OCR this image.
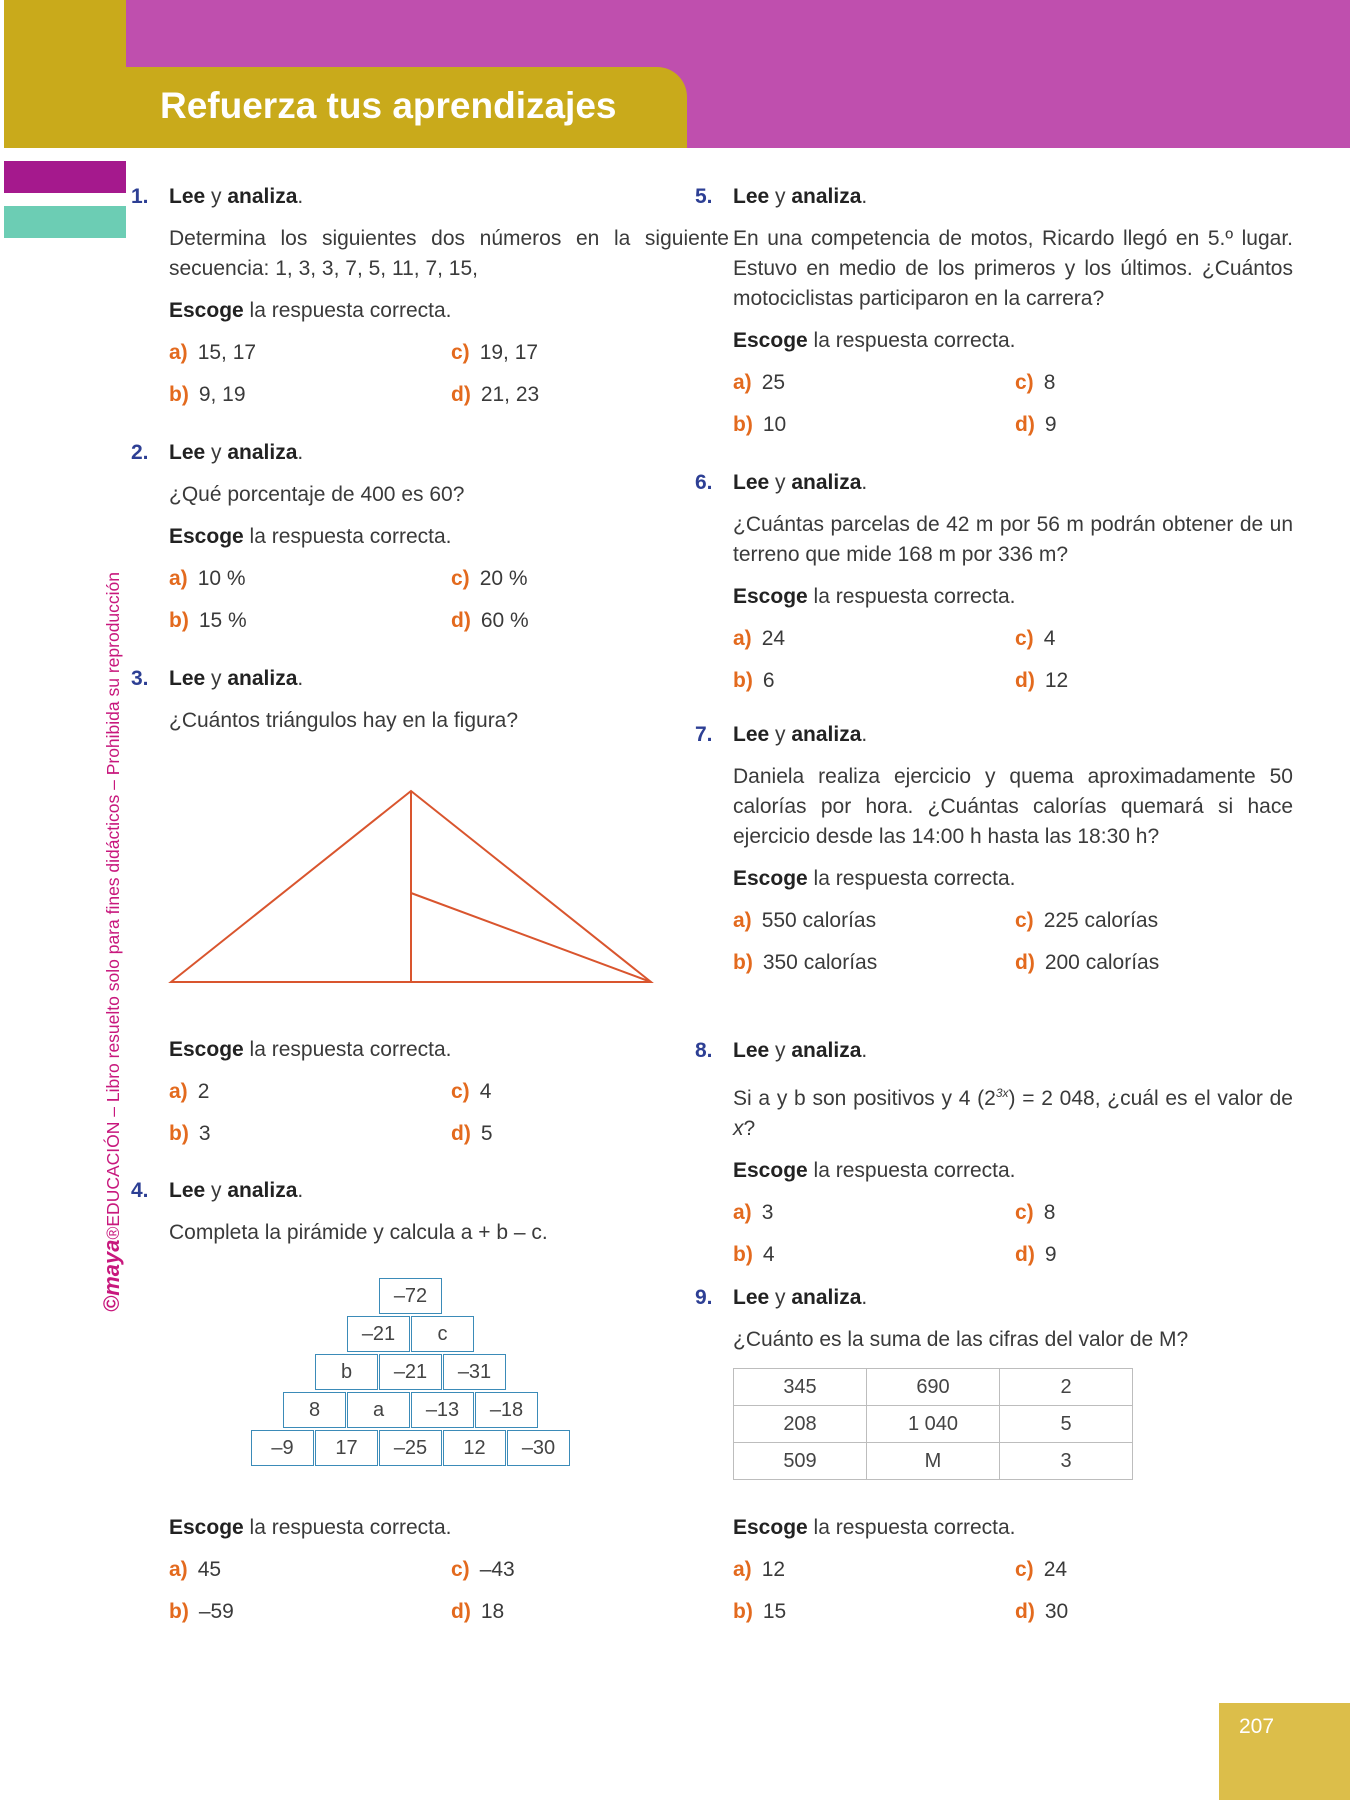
Refuerza tus aprendizajes
©maya®EDUCACIÓN – Libro resuelto solo para fines didácticos – Prohibida su reproducción
1. Lee y analiza.
Determina los siguientes dos números en la siguiente secuencia: 1, 3, 3, 7, 5, 11, 7, 15,
Escoge la respuesta correcta.
a) 15, 17	c) 19, 17
b) 9, 19	d) 21, 23
2. Lee y analiza.
¿Qué porcentaje de 400 es 60?
Escoge la respuesta correcta.
a) 10 %	c) 20 %
b) 15 %	d) 60 %
3. Lee y analiza.
¿Cuántos triángulos hay en la figura?
Escoge la respuesta correcta.
a) 2	c) 4
b) 3	d) 5
4. Lee y analiza.
Completa la pirámide y calcula a + b – c.
–72
–21	c
b	–21	–31
8	a	–13	–18
–9	17	–25	12	–30
Escoge la respuesta correcta.
a) 45	c) –43
b) –59	d) 18
5. Lee y analiza.
En una competencia de motos, Ricardo llegó en 5.º lugar. Estuvo en medio de los primeros y los últimos. ¿Cuántos motociclistas participaron en la carrera?
Escoge la respuesta correcta.
a) 25	c) 8
b) 10	d) 9
6. Lee y analiza.
¿Cuántas parcelas de 42 m por 56 m podrán obtener de un terreno que mide 168 m por 336 m?
Escoge la respuesta correcta.
a) 24	c) 4
b) 6	d) 12
7. Lee y analiza.
Daniela realiza ejercicio y quema aproximadamente 50 calorías por hora. ¿Cuántas calorías quemará si hace ejercicio desde las 14:00 h hasta las 18:30 h?
Escoge la respuesta correcta.
a) 550 calorías	c) 225 calorías
b) 350 calorías	d) 200 calorías
8. Lee y analiza.
Si a y b son positivos y 4 $(2^{3x}) = 2$ 048, ¿cuál es el valor de x?
Escoge la respuesta correcta.
a) 3	c) 8
b) 4	d) 9
9. Lee y analiza.
¿Cuánto es la suma de las cifras del valor de M?
345	690	2
208	1 040	5
509	M	3
Escoge la respuesta correcta.
a) 12	c) 24
b) 15	d) 30
207
